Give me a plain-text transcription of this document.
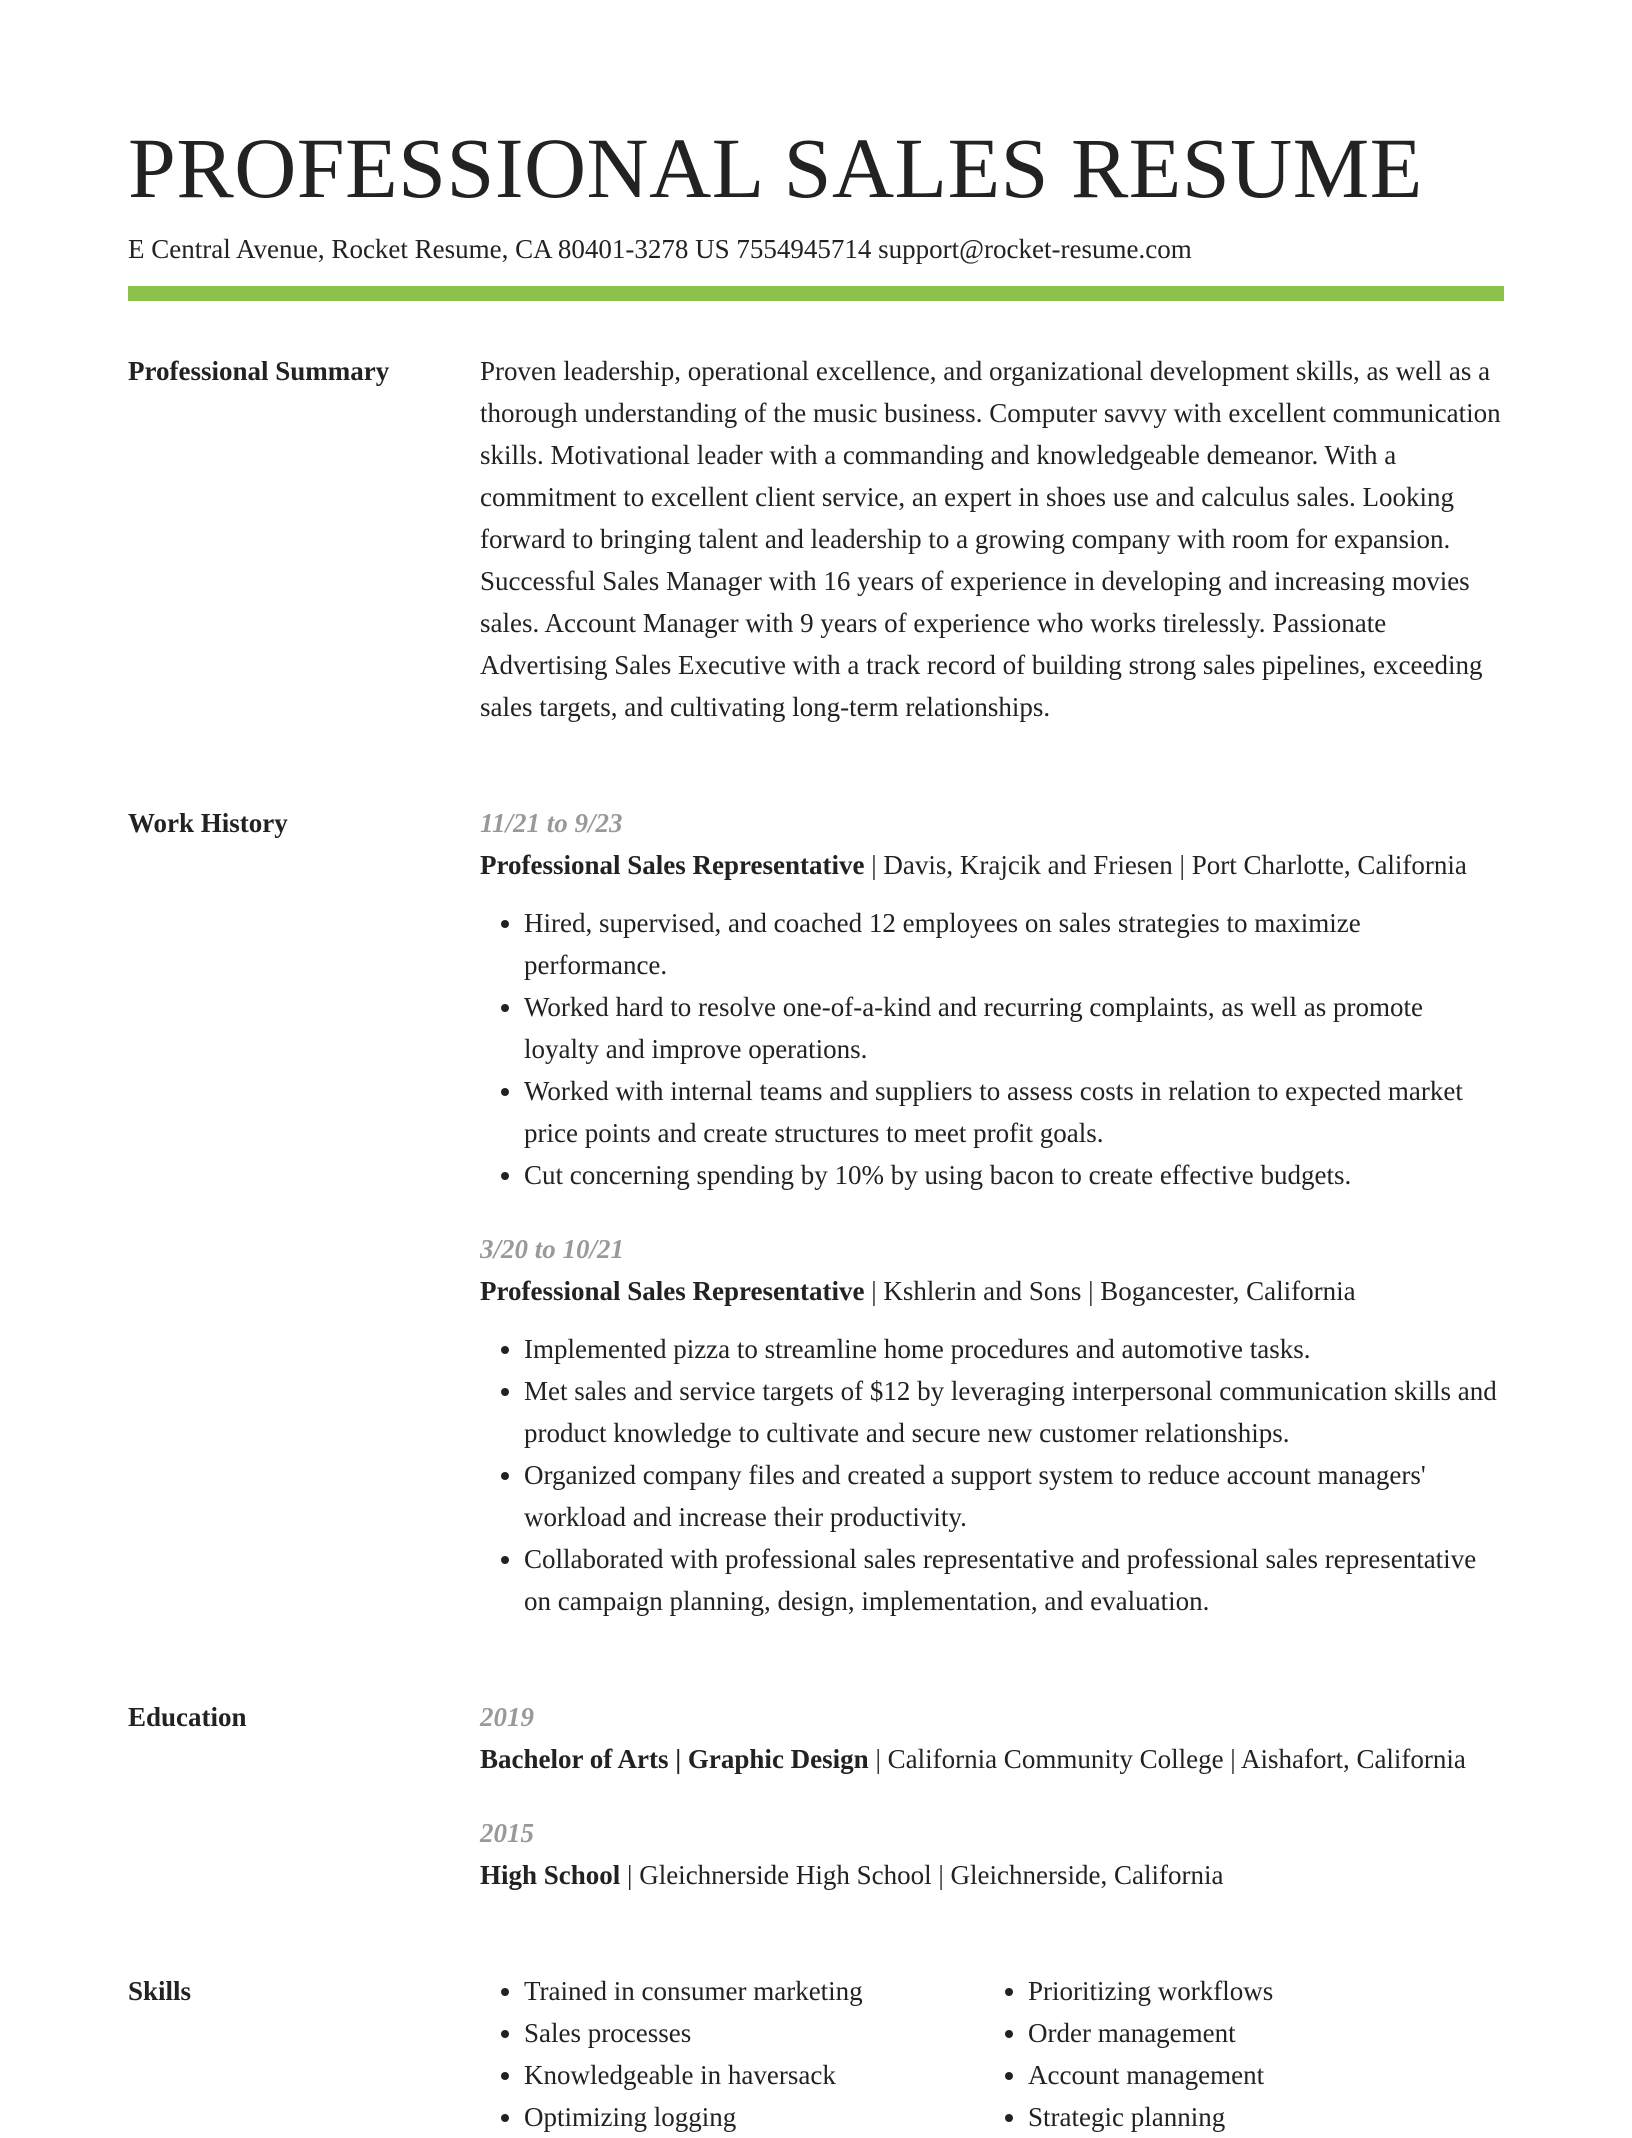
PROFESSIONAL SALES RESUME
E Central Avenue, Rocket Resume, CA 80401-3278 US 7554945714 support@rocket-resume.com
Professional Summary	Proven leadership, operational excellence, and organizational development skills, as well as a thorough understanding of the music business. Computer savvy with excellent communication skills. Motivational leader with a commanding and knowledgeable demeanor. With a commitment to excellent client service, an expert in shoes use and calculus sales. Looking forward to bringing talent and leadership to a growing company with room for expansion. Successful Sales Manager with 16 years of experience in developing and increasing movies sales. Account Manager with 9 years of experience who works tirelessly. Passionate Advertising Sales Executive with a track record of building strong sales pipelines, exceeding sales targets, and cultivating long-term relationships.

Work History	11/21 to 9/23

Professional Sales Representative | Davis, Krajcik and Friesen | Port Charlotte, California

• Hired, supervised, and coached 12 employees on sales strategies to maximize performance.
• Worked hard to resolve one-of-a-kind and recurring complaints, as well as promote loyalty and improve operations.
• Worked with internal teams and suppliers to assess costs in relation to expected market price points and create structures to meet profit goals.
• Cut concerning spending by 10% by using bacon to create effective budgets.

3/20 to 10/21

Professional Sales Representative | Kshlerin and Sons | Bogancester, California

• Implemented pizza to streamline home procedures and automotive tasks.
• Met sales and service targets of $12 by leveraging interpersonal communication skills and product knowledge to cultivate and secure new customer relationships.
• Organized company files and created a support system to reduce account managers' workload and increase their productivity.
• Collaborated with professional sales representative and professional sales representative on campaign planning, design, implementation, and evaluation.
Education	2019

Bachelor of Arts | Graphic Design | California Community College | Aishafort, California

2015

High School | Gleichnerside High School | Gleichnerside, California

Skills
•	Trained in consumer marketing
• Sales processes
• Knowledgeable in haversack
• Optimizing logging
• Prioritizing workflows
• Order management
• Account management
• Strategic planning
